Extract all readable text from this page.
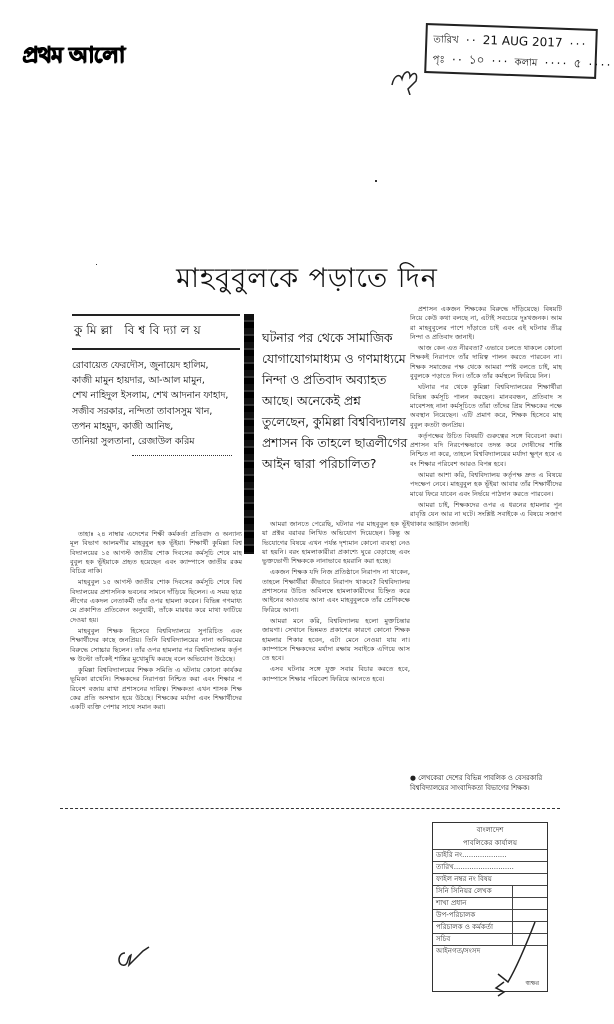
প্রথম আলো
তারিখ ·· 21 AUG 2017 ···
পৃঃ ·· ১০ ··· কলাম ···· ৫ ····
মাহবুবুলকে পড়াতে দিন
কুমিল্লা বিশ্ববিদ্যালয়
রোবায়েত ফেরদৌস, জুনায়েদ হালিম,
কাজী মামুন হায়দার, আ-আল মামুন,
শেখ নাহিদুল ইসলাম, শেখ আদনান ফাহাদ,
সজীব সরকার, নন্দিতা তাবাসসুম খান,
তপন মাহমুদ, কাজী আনিছ,
তানিয়া সুলতানা, রেজাউল করিম
ঘটনার পর থেকে সামাজিক যোগাযোগমাধ্যম ও গণমাধ্যমে নিন্দা ও প্রতিবাদ অব্যাহত আছে। অনেকেই প্রশ্ন তুলেছেন, কুমিল্লা বিশ্ববিদ্যালয় প্রশাসন কি তাহলে ছাত্রলীগের আইন দ্বারা পরিচালিত?

তাহাঃ ২৪ নাম্বার এদেশের শিক্ষী কর্মকর্তা প্রতিবাদ ও অন্যান্য মূল বিভাগ আলমগীর মাহবুবুল হক ভূঁইয়া। শিক্ষার্থী কুমিল্লা বিশ্ববিদ্যালয়ের ১৫ আগস্ট জাতীয় শোক দিবসের কর্মসূচি শেষে মাহবুবুল হক ভূঁইয়াকে প্রহৃত হয়েছেন এবং ক্যাম্পাসে জাতীয় রকম বিচিত্র নাকি।

মাহবুবুল ১৫ আগস্ট জাতীয় শোক দিবসের কর্মসূচি শেষে বিশ্ববিদ্যালয়ের প্রশাসনিক ভবনের সামনে দাঁড়িয়ে ছিলেন। এ সময় ছাত্রলীগের একদল নেতাকর্মী তাঁর ওপর হামলা করেন। বিভিন্ন গণমাধ্যমে প্রকাশিত প্রতিবেদন অনুযায়ী, তাঁকে মারধর করে মাথা ফাটিয়ে দেওয়া হয়।

মাহবুবুল শিক্ষক হিসেবে বিশ্ববিদ্যালয়ে সুপরিচিত এবং শিক্ষার্থীদের কাছে জনপ্রিয়। তিনি বিশ্ববিদ্যালয়ের নানা অনিয়মের বিরুদ্ধে সোচ্চার ছিলেন। তাঁর ওপর হামলার পর বিশ্ববিদ্যালয় কর্তৃপক্ষ উল্টো তাঁকেই শাস্তির মুখোমুখি করছে বলে অভিযোগ উঠেছে।

কুমিল্লা বিশ্ববিদ্যালয়ের শিক্ষক সমিতি এ ঘটনায় কোনো কার্যকর ভূমিকা রাখেনি। শিক্ষকদের নিরাপত্তা নিশ্চিত করা এবং শিক্ষার পরিবেশ বজায় রাখা প্রশাসনের দায়িত্ব। শিক্ষকতা এখন শাসক শিক্ষকের প্রতি অসম্মান হয়ে উঠছে। শিক্ষকের মর্যাদা এবং শিক্ষার্থীদের একটি ব্যক্তি পেশার সাথে সমান করা।

আমরা জানতে পেরেছি, ঘটনার পর মাহবুবুল হক ভূঁইয়া প্রক্টর বরাবর লিখিত অভিযোগ দিয়েছেন। কিন্তু অভিযোগের বিষয়ে এখন পর্যন্ত দৃশ্যমান কোনো ব্যবস্থা নেওয়া হয়নি। বরং হামলাকারীরা প্রকাশ্যে ঘুরে বেড়াচ্ছে এবং ভুক্তভোগী শিক্ষককে নানাভাবে হয়রানি করা হচ্ছে।

একজন শিক্ষক যদি নিজ প্রতিষ্ঠানে নিরাপদ না থাকেন, তাহলে শিক্ষার্থীরা কীভাবে নিরাপদ থাকবে? বিশ্ববিদ্যালয় প্রশাসনের উচিত অবিলম্বে হামলাকারীদের চিহ্নিত করে আইনের আওতায় আনা এবং মাহবুবুলকে তাঁর শ্রেণিকক্ষে ফিরিয়ে আনা।

আমরা মনে করি, বিশ্ববিদ্যালয় হলো মুক্তচিন্তার জায়গা। সেখানে ভিন্নমত প্রকাশের কারণে কোনো শিক্ষক হামলার শিকার হবেন, এটা মেনে নেওয়া যায় না। ক্যাম্পাসে শিক্ষকদের মর্যাদা রক্ষায় সবাইকে এগিয়ে আসতে হবে।

এসব ঘটনার সঙ্গে যুক্ত সবার বিচার করতে হবে, ক্যাম্পাসে শিক্ষার পরিবেশ ফিরিয়ে আনতে হবে।

প্রশাসন একজন শিক্ষকের বিরুদ্ধে দাঁড়িয়েছে। বিষয়টি নিয়ে কেউ কথা বলছে না, এটাই সবচেয়ে দুঃখজনক। আমরা মাহবুবুলের পাশে দাঁড়াতে চাই এবং এই ঘটনার তীব্র নিন্দা ও প্রতিবাদ জানাই।

আজ কেন এত নীরবতা? এভাবে চলতে থাকলে কোনো শিক্ষকই নিরাপদে তাঁর দায়িত্ব পালন করতে পারবেন না। শিক্ষক সমাজের পক্ষ থেকে আমরা স্পষ্ট বলতে চাই, মাহবুবুলকে পড়াতে দিন। তাঁকে তাঁর কর্মস্থলে ফিরিয়ে নিন।

ঘটনার পর থেকে কুমিল্লা বিশ্ববিদ্যালয়ের শিক্ষার্থীরা বিভিন্ন কর্মসূচি পালন করছেন। মানববন্ধন, প্রতিবাদ সমাবেশসহ নানা কর্মসূচিতে তাঁরা তাঁদের প্রিয় শিক্ষকের পক্ষে অবস্থান নিয়েছেন। এটি প্রমাণ করে, শিক্ষক হিসেবে মাহবুবুল কতটা জনপ্রিয়।

কর্তৃপক্ষের উচিত বিষয়টি গুরুত্বের সঙ্গে বিবেচনা করা। প্রশাসন যদি নিরপেক্ষভাবে তদন্ত করে দোষীদের শাস্তি নিশ্চিত না করে, তাহলে বিশ্ববিদ্যালয়ের মর্যাদা ক্ষুণ্ন হবে এবং শিক্ষার পরিবেশ আরও বিপন্ন হবে।

আমরা আশা করি, বিশ্ববিদ্যালয় কর্তৃপক্ষ দ্রুত এ বিষয়ে পদক্ষেপ নেবে। মাহবুবুল হক ভূঁইয়া আবার তাঁর শিক্ষার্থীদের মাঝে ফিরে যাবেন এবং নির্ভয়ে পাঠদান করতে পারবেন।

আমরা চাই, শিক্ষকদের ওপর এ ধরনের হামলার পুনরাবৃত্তি যেন আর না ঘটে। সংশ্লিষ্ট সবাইকে এ বিষয়ে সজাগ থাকার আহ্বান জানাই।

● লেখকেরা দেশের বিভিন্ন পাবলিক ও বেসরকারি বিশ্ববিদ্যালয়ের সাংবাদিকতা বিভাগের শিক্ষক।
বাংলাদেশ
পাবলিকের কার্যালয়
ডাইরি নং....................
তারিখ...........................
ফাইল নম্বর নং বিষয়
সিনি সিনিয়র লেখক
শাখা প্রধান
উপ-পরিচালক
পরিচালক ও কর্মকর্তা
সচিব
আইনগত/সংসদ
স্বাক্ষর
